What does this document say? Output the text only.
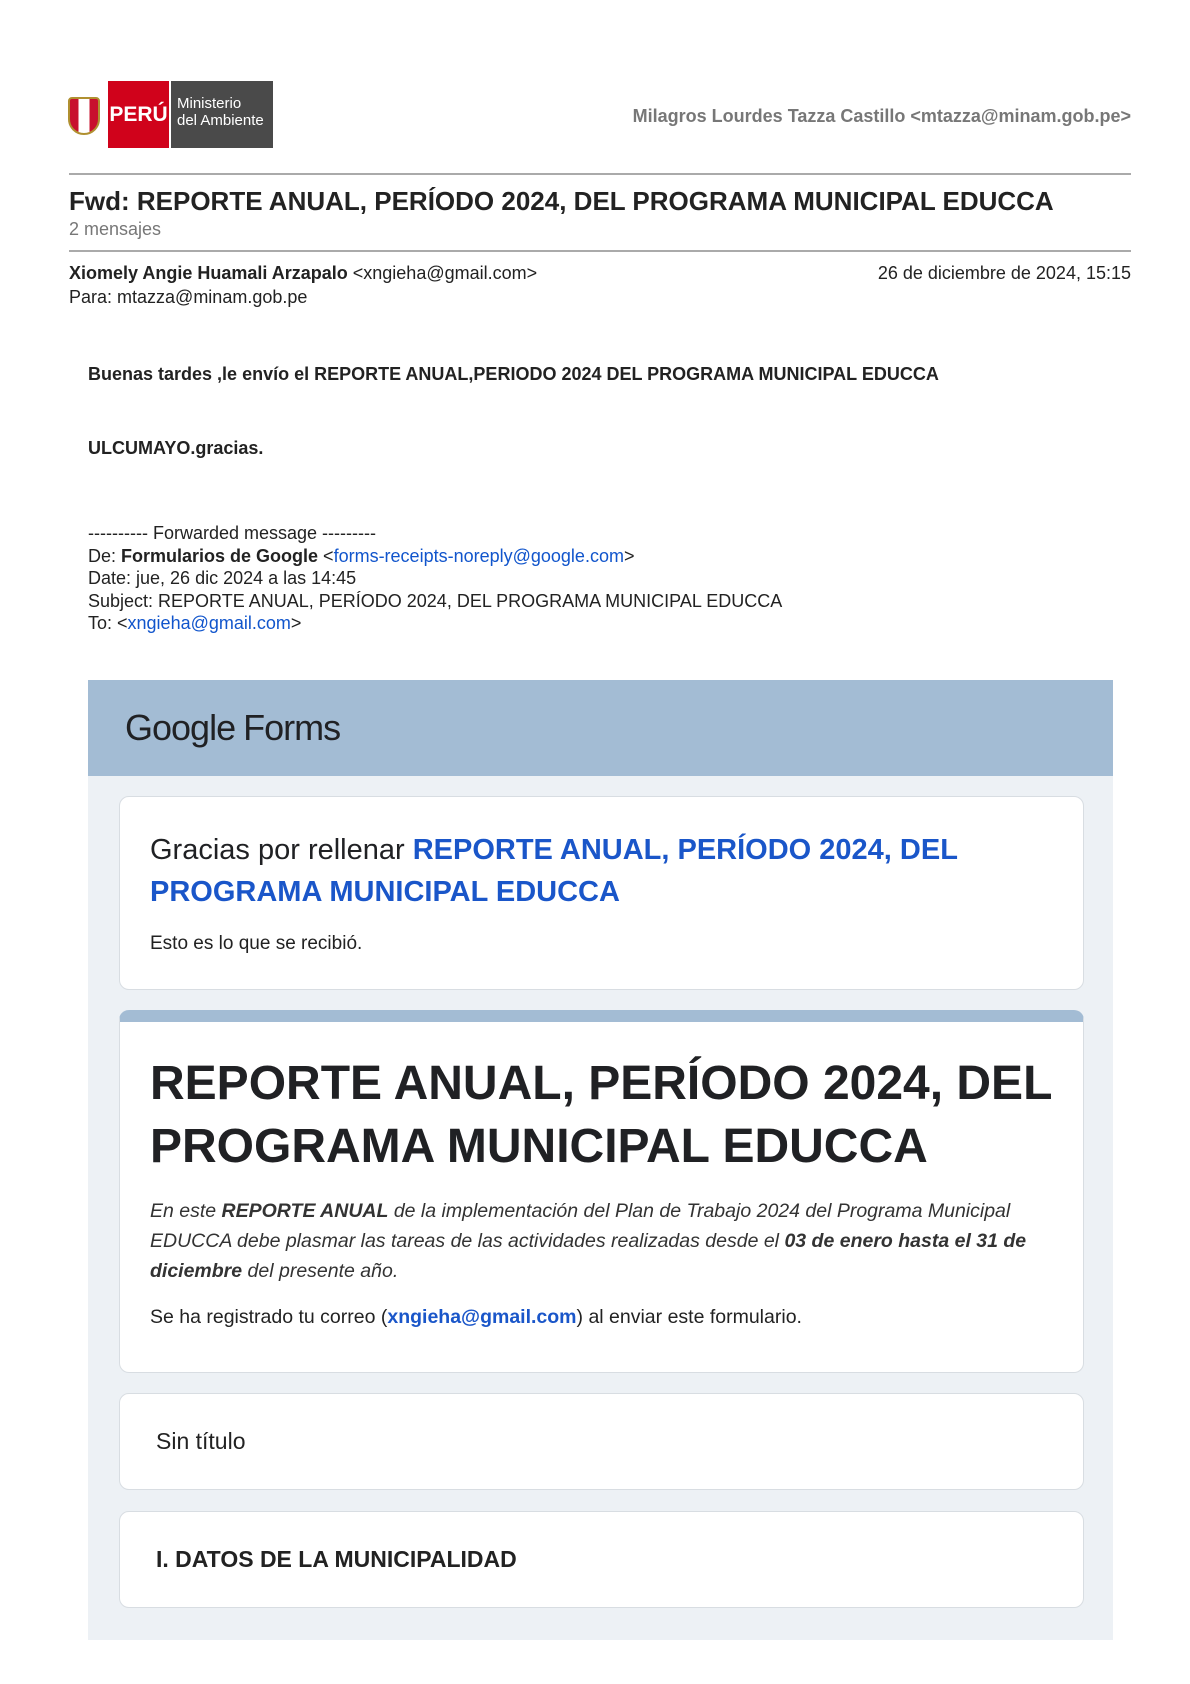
PERÚ Ministerio
del Ambiente	Milagros Lourdes Tazza Castillo <mtazza@minam.gob.pe>
Fwd: REPORTE ANUAL, PERÍODO 2024, DEL PROGRAMA MUNICIPAL EDUCCA
2 mensajes
Xiomely Angie Huamali Arzapalo <xngieha@gmail.com>	26 de diciembre de 2024, 15:15
Para: mtazza@minam.gob.pe
Buenas tardes ,le envío el REPORTE ANUAL,PERIODO 2024 DEL PROGRAMA MUNICIPAL EDUCCA
ULCUMAYO.gracias.
---------- Forwarded message ---------
De: Formularios de Google <forms-receipts-noreply@google.com>
Date: jue, 26 dic 2024 a las 14:45
Subject: REPORTE ANUAL, PERÍODO 2024, DEL PROGRAMA MUNICIPAL EDUCCA
To: <xngieha@gmail.com>
Google Forms
Gracias por rellenar REPORTE ANUAL, PERÍODO 2024, DEL PROGRAMA MUNICIPAL EDUCCA
Esto es lo que se recibió.
REPORTE ANUAL, PERÍODO 2024, DEL PROGRAMA MUNICIPAL EDUCCA
En este REPORTE ANUAL de la implementación del Plan de Trabajo 2024 del Programa Municipal EDUCCA debe plasmar las tareas de las actividades realizadas desde el 03 de enero hasta el 31 de diciembre del presente año.
Se ha registrado tu correo (xngieha@gmail.com) al enviar este formulario.
Sin título
I. DATOS DE LA MUNICIPALIDAD
